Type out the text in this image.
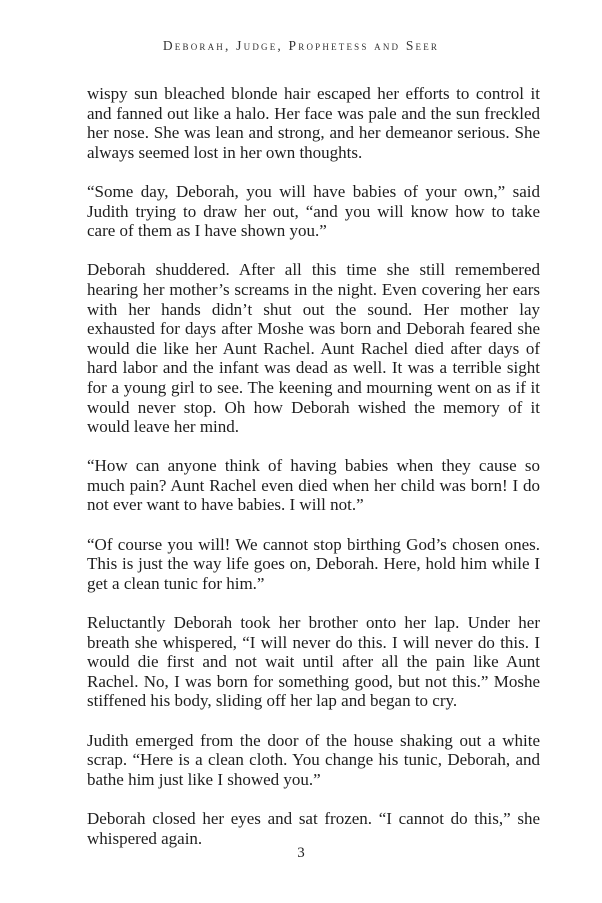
Deborah, Judge, Prophetess and Seer

wispy sun bleached blonde hair escaped her efforts to control it and fanned out like a halo. Her face was pale and the sun freckled her nose. She was lean and strong, and her demeanor serious. She always seemed lost in her own thoughts.

“Some day, Deborah, you will have babies of your own,” said Judith trying to draw her out, “and you will know how to take care of them as I have shown you.”

Deborah shuddered. After all this time she still remembered hearing her mother’s screams in the night. Even covering her ears with her hands didn’t shut out the sound. Her mother lay exhausted for days after Moshe was born and Deborah feared she would die like her Aunt Rachel. Aunt Rachel died after days of hard labor and the infant was dead as well. It was a terrible sight for a young girl to see. The keening and mourning went on as if it would never stop. Oh how Deborah wished the memory of it would leave her mind.

“How can anyone think of having babies when they cause so much pain? Aunt Rachel even died when her child was born! I do not ever want to have babies. I will not.”

“Of course you will! We cannot stop birthing God’s chosen ones. This is just the way life goes on, Deborah. Here, hold him while I get a clean tunic for him.”

Reluctantly Deborah took her brother onto her lap. Under her breath she whispered, “I will never do this. I will never do this. I would die first and not wait until after all the pain like Aunt Rachel. No, I was born for something good, but not this.” Moshe stiffened his body, sliding off her lap and began to cry.

Judith emerged from the door of the house shaking out a white scrap. “Here is a clean cloth. You change his tunic, Deborah, and bathe him just like I showed you.”

Deborah closed her eyes and sat frozen. “I cannot do this,” she whispered again.

3
